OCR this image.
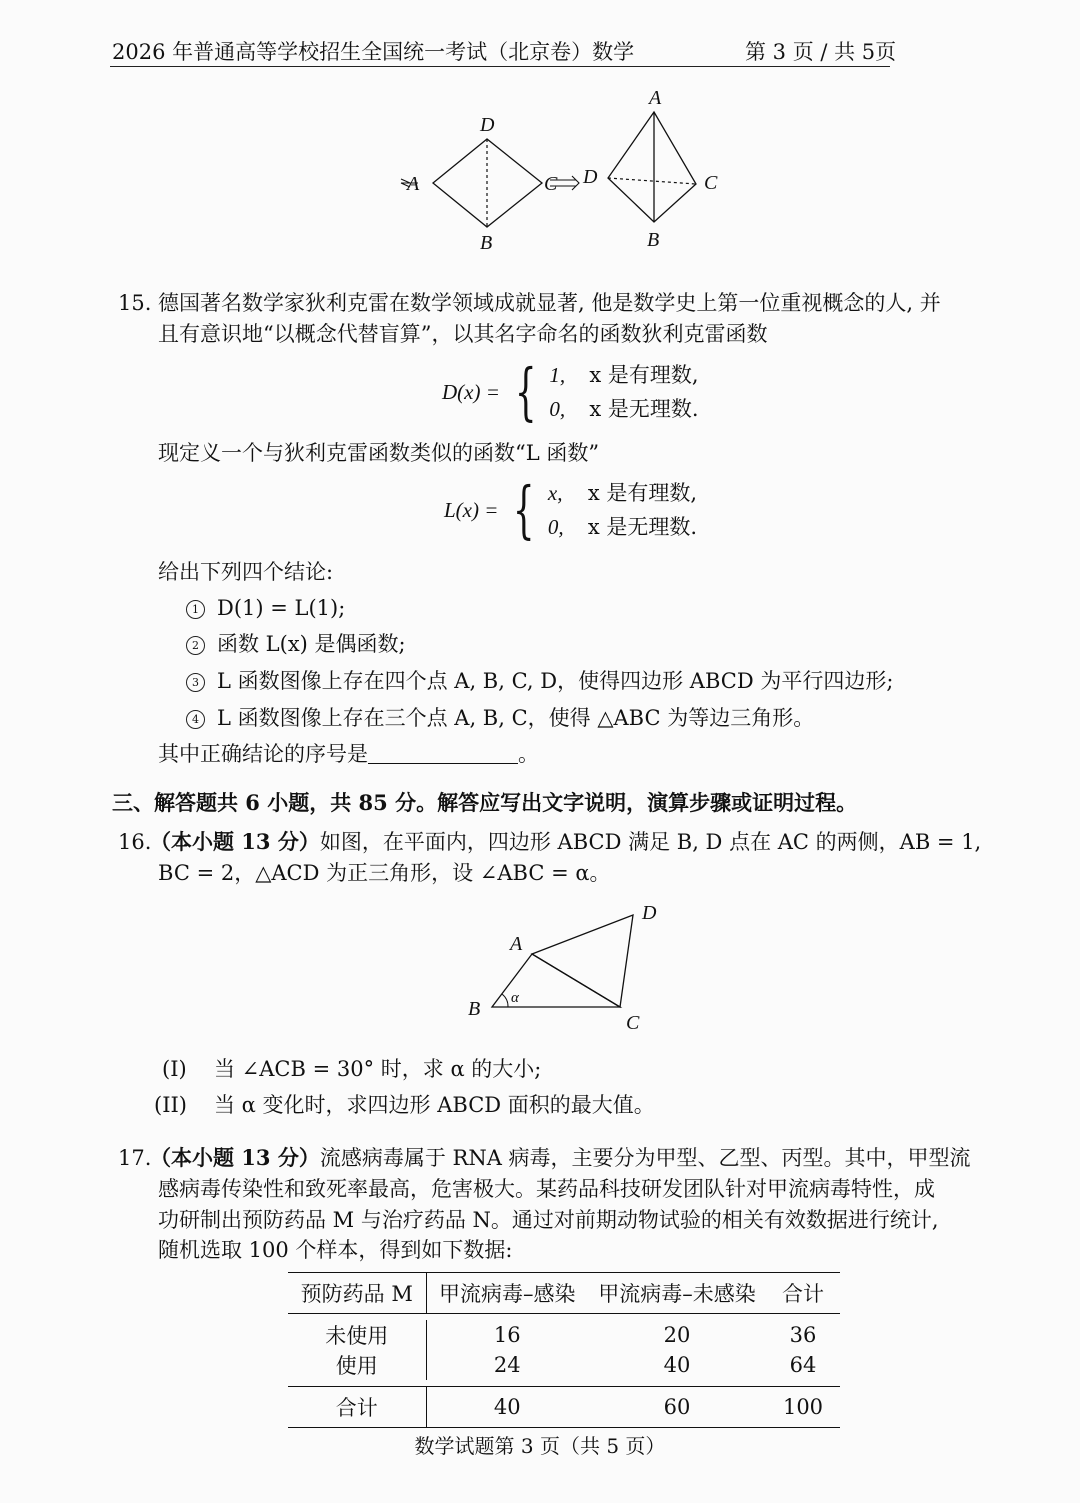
2026 年普通高等学校招生全国统一考试（北京卷）数学	第 3 页 / 共 5页
D
B
A	C
A
D	C
B
15. 德国著名数学家狄利克雷在数学领域成就显著, 他是数学史上第一位重视概念的人, 并
且有意识地“以概念代替盲算”，以其名字命名的函数狄利克雷函数
D(x) = { 1, x 是有理数,
0, x 是无理数.
现定义一个与狄利克雷函数类似的函数“L 函数”
L(x) = { x, x 是有理数,
0, x 是无理数.
给出下列四个结论:
1 D(1) = L(1);
2 函数 L(x) 是偶函数;
3 L 函数图像上存在四个点 A, B, C, D，使得四边形 ABCD 为平行四边形;
4 L 函数图像上存在三个点 A, B, C，使得 △ABC 为等边三角形。
其中正确结论的序号是	。
三、解答题共 6 小题，共 85 分。解答应写出文字说明，演算步骤或证明过程。
16.
（本小题 13 分）如图，在平面内，四边形 ABCD 满足 B, D 点在 AC 的两侧，AB = 1,
BC = 2，△ACD 为正三角形，设 ∠ABC = α。
A
B
C
D
α
(I) 当 ∠ACB = 30° 时，求 α 的大小;
(II) 当 α 变化时，求四边形 ABCD 面积的最大值。
17.
（本小题 13 分）流感病毒属于 RNA 病毒，主要分为甲型、乙型、丙型。其中，甲型流
感病毒传染性和致死率最高，危害极大。某药品科技研发团队针对甲流病毒特性，成
功研制出预防药品 M 与治疗药品 N。通过对前期动物试验的相关有效数据进行统计,
随机选取 100 个样本，得到如下数据:
预防药品 M	甲流病毒–感染	甲流病毒–未感染	合计
未使用	16	20	36
使用	24	40	64
合计	40	60	100
数学试题第 3 页（共 5 页）
